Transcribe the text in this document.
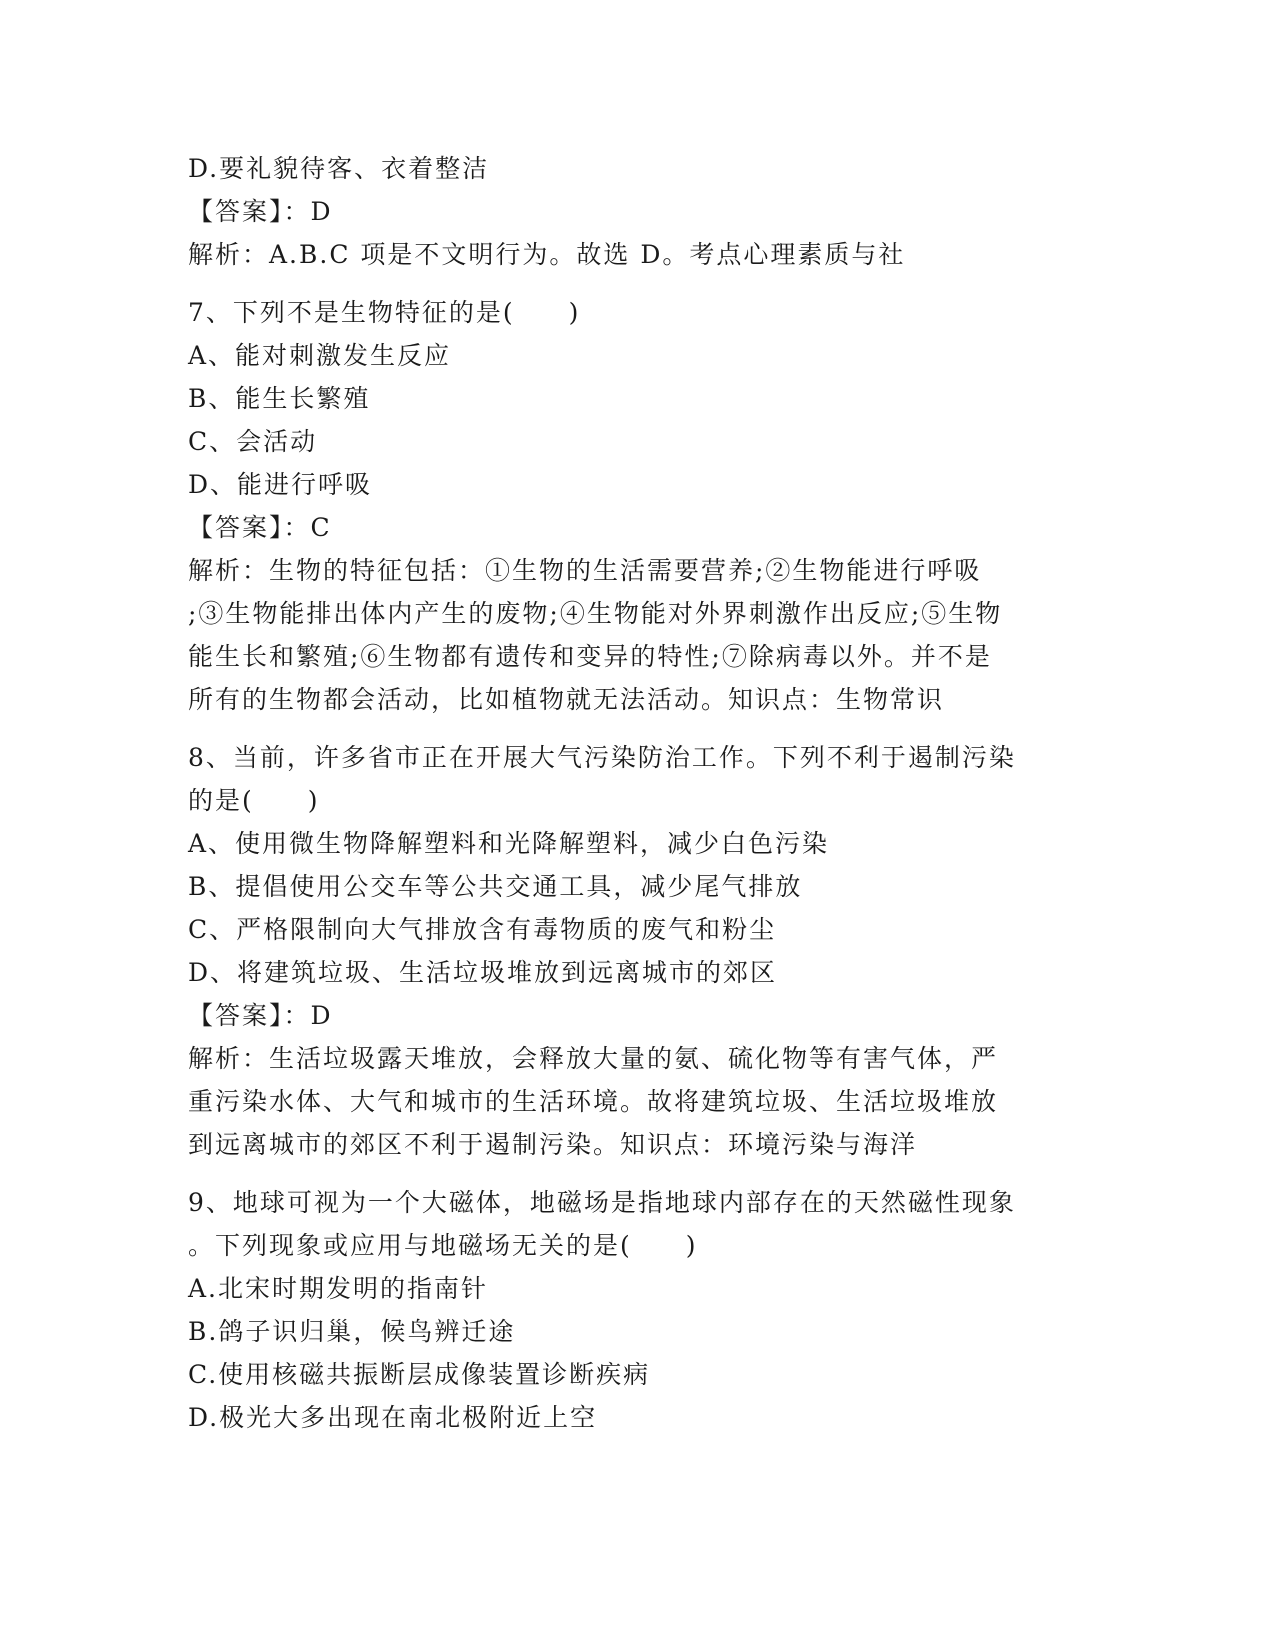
D.要礼貌待客、衣着整洁
【答案】：D
解析：A.B.C 项是不文明行为。故选 D。考点心理素质与社
7、下列不是生物特征的是(　　)
A、能对刺激发生反应
B、能生长繁殖
C、会活动
D、能进行呼吸
【答案】：C
解析：生物的特征包括：①生物的生活需要营养;②生物能进行呼吸
;③生物能排出体内产生的废物;④生物能对外界刺激作出反应;⑤生物
能生长和繁殖;⑥生物都有遗传和变异的特性;⑦除病毒以外。并不是
所有的生物都会活动，比如植物就无法活动。知识点：生物常识
8、当前，许多省市正在开展大气污染防治工作。下列不利于遏制污染
的是(　　)
A、使用微生物降解塑料和光降解塑料，减少白色污染
B、提倡使用公交车等公共交通工具，减少尾气排放
C、严格限制向大气排放含有毒物质的废气和粉尘
D、将建筑垃圾、生活垃圾堆放到远离城市的郊区
【答案】：D
解析：生活垃圾露天堆放，会释放大量的氨、硫化物等有害气体，严
重污染水体、大气和城市的生活环境。故将建筑垃圾、生活垃圾堆放
到远离城市的郊区不利于遏制污染。知识点：环境污染与海洋
9、地球可视为一个大磁体，地磁场是指地球内部存在的天然磁性现象
。下列现象或应用与地磁场无关的是(　　)
A.北宋时期发明的指南针
B.鸽子识归巢，候鸟辨迁途
C.使用核磁共振断层成像装置诊断疾病
D.极光大多出现在南北极附近上空
